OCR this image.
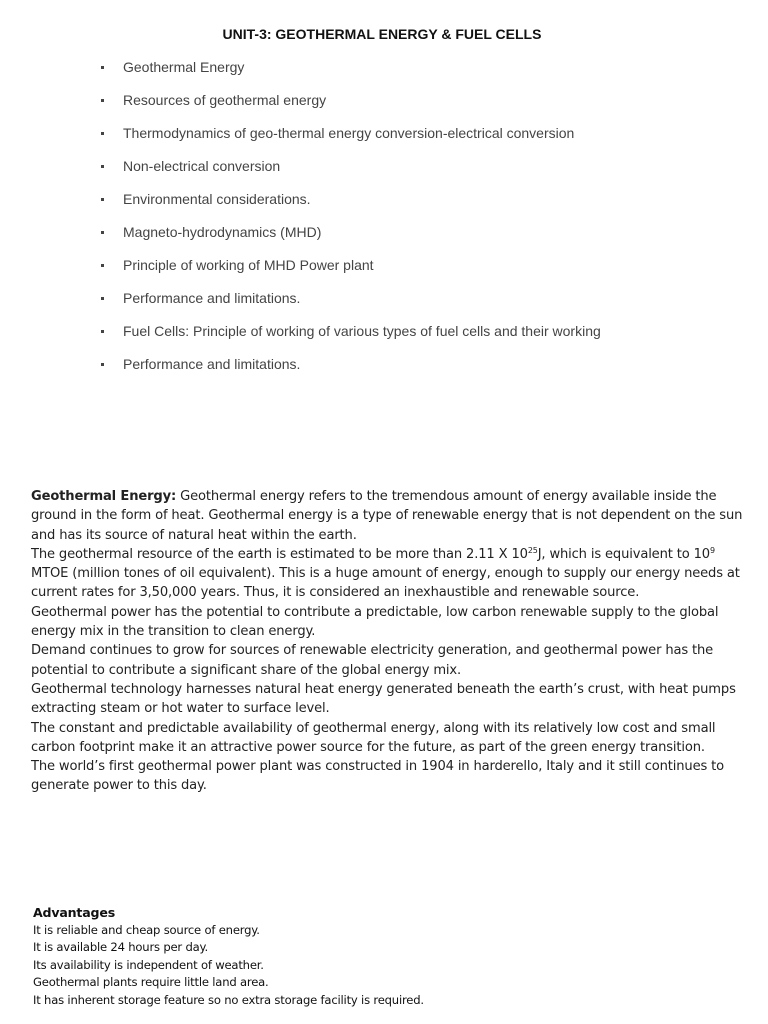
UNIT-3: GEOTHERMAL ENERGY & FUEL CELLS
Geothermal Energy
Resources of geothermal energy
Thermodynamics of geo-thermal energy conversion-electrical conversion
Non-electrical conversion
Environmental considerations.
Magneto-hydrodynamics (MHD)
Principle of working of MHD Power plant
Performance and limitations.
Fuel Cells: Principle of working of various types of fuel cells and their working
Performance and limitations.

Geothermal Energy: Geothermal energy refers to the tremendous amount of energy available inside the ground in the form of heat. Geothermal energy is a type of renewable energy that is not dependent on the sun and has its source of natural heat within the earth.

The geothermal resource of the earth is estimated to be more than 2.11 X $10^{25}J$, which is equivalent to $10^9$ MTOE (million tones of oil equivalent). This is a huge amount of energy, enough to supply our energy needs at current rates for 3,50,000 years. Thus, it is considered an inexhaustible and renewable source.

Geothermal power has the potential to contribute a predictable, low carbon renewable supply to the global energy mix in the transition to clean energy.

Demand continues to grow for sources of renewable electricity generation, and geothermal power has the potential to contribute a significant share of the global energy mix.

Geothermal technology harnesses natural heat energy generated beneath the earth’s crust, with heat pumps extracting steam or hot water to surface level.

The constant and predictable availability of geothermal energy, along with its relatively low cost and small carbon footprint make it an attractive power source for the future, as part of the green energy transition.

The world’s first geothermal power plant was constructed in 1904 in harderello, Italy and it still continues to generate power to this day.

Advantages

It is reliable and cheap source of energy.

It is available 24 hours per day.

Its availability is independent of weather.

Geothermal plants require little land area.

It has inherent storage feature so no extra storage facility is required.
